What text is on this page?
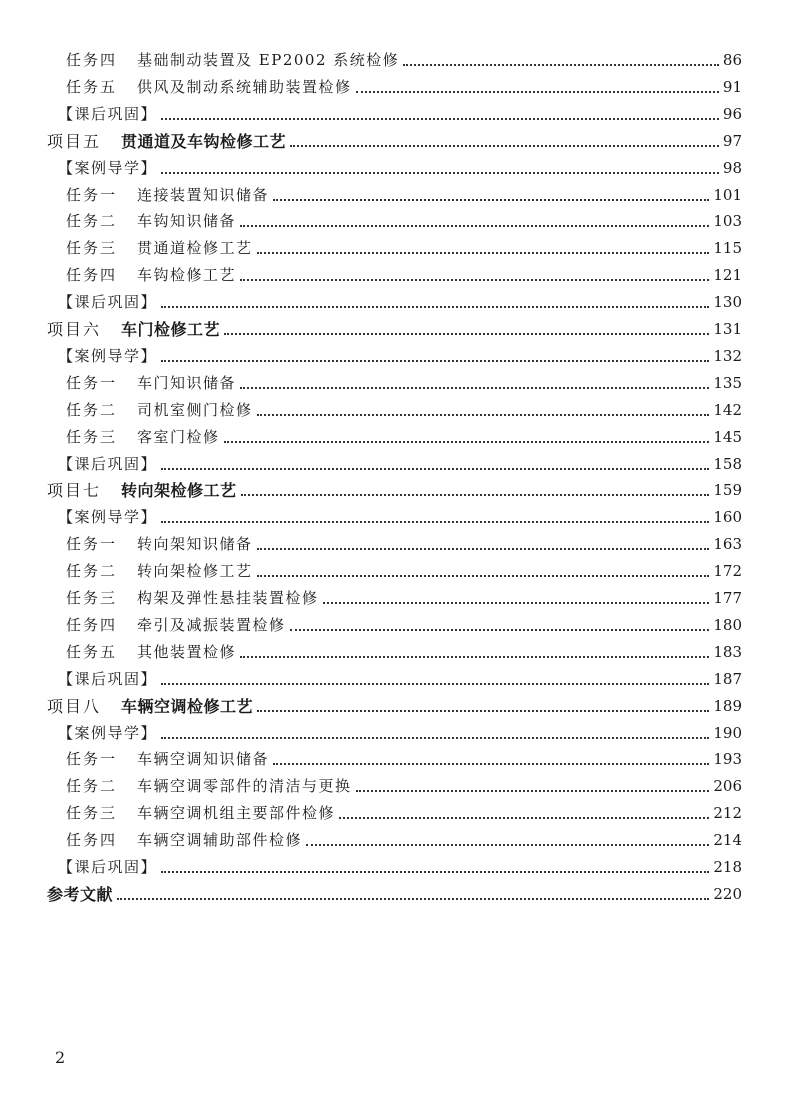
任务四 基础制动装置及 EP2002 系统检修	86
任务五 供风及制动系统辅助装置检修	91
【课后巩固】	96
项目五 贯通道及车钩检修工艺	97
【案例导学】	98
任务一 连接装置知识储备	101
任务二 车钩知识储备	103
任务三 贯通道检修工艺	115
任务四 车钩检修工艺	121
【课后巩固】	130
项目六 车门检修工艺	131
【案例导学】	132
任务一 车门知识储备	135
任务二 司机室侧门检修	142
任务三 客室门检修	145
【课后巩固】	158
项目七 转向架检修工艺	159
【案例导学】	160
任务一 转向架知识储备	163
任务二 转向架检修工艺	172
任务三 构架及弹性悬挂装置检修	177
任务四 牵引及减振装置检修	180
任务五 其他装置检修	183
【课后巩固】	187
项目八 车辆空调检修工艺	189
【案例导学】	190
任务一 车辆空调知识储备	193
任务二 车辆空调零部件的清洁与更换	206
任务三 车辆空调机组主要部件检修	212
任务四 车辆空调辅助部件检修	214
【课后巩固】	218
参考文献	220
2
